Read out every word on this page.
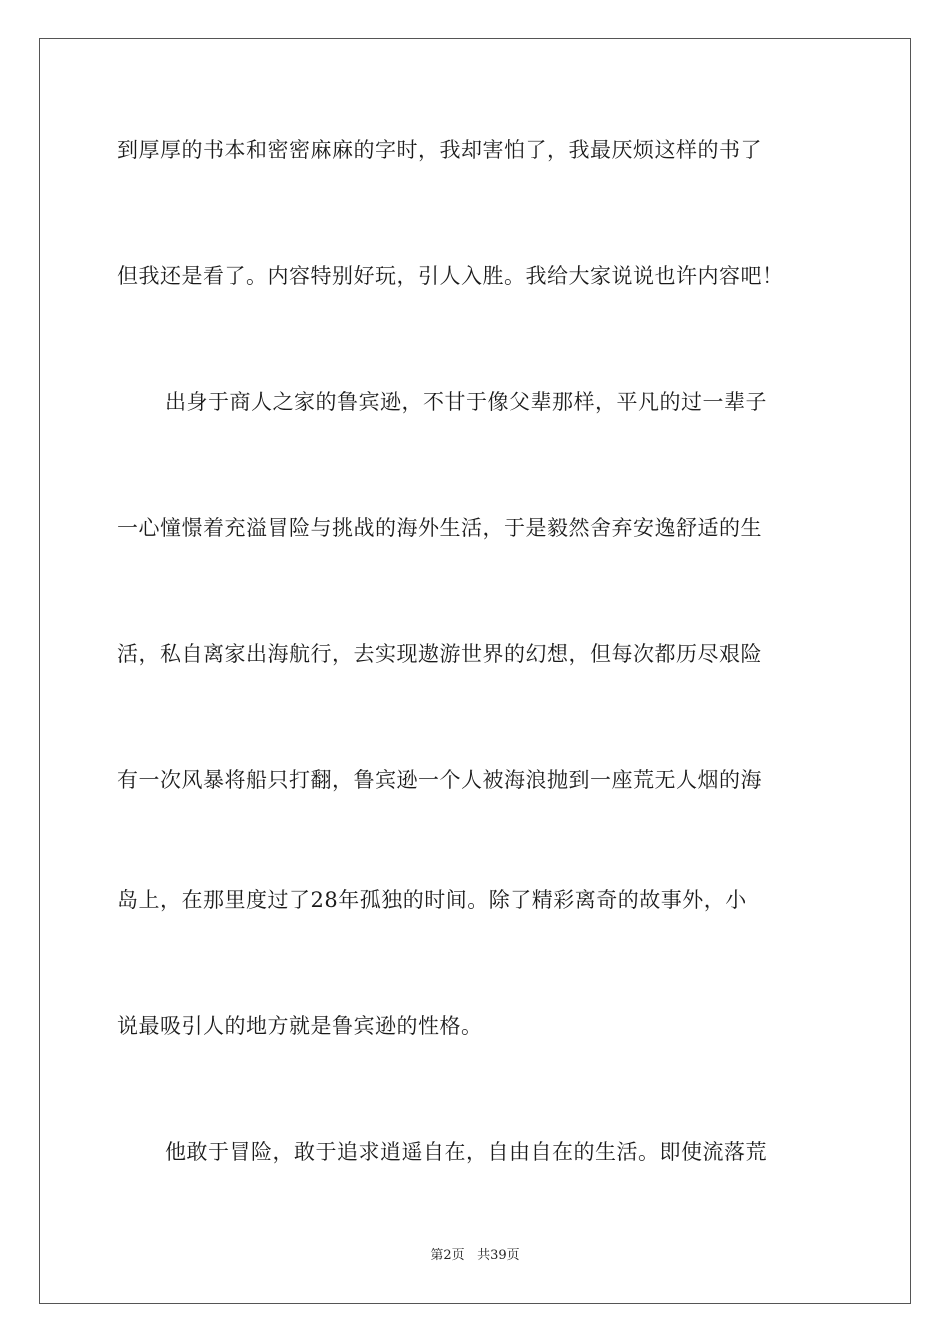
到厚厚的书本和密密麻麻的字时，我却害怕了，我最厌烦这样的书了
但我还是看了。内容特别好玩，引人入胜。我给大家说说也许内容吧！
出身于商人之家的鲁宾逊，不甘于像父辈那样，平凡的过一辈子
一心憧憬着充溢冒险与挑战的海外生活，于是毅然舍弃安逸舒适的生
活，私自离家出海航行，去实现遨游世界的幻想，但每次都历尽艰险
有一次风暴将船只打翻，鲁宾逊一个人被海浪抛到一座荒无人烟的海
岛上，在那里度过了28年孤独的时间。除了精彩离奇的故事外，小
说最吸引人的地方就是鲁宾逊的性格。
他敢于冒险，敢于追求逍遥自在，自由自在的生活。即使流落荒
第2页 共39页
